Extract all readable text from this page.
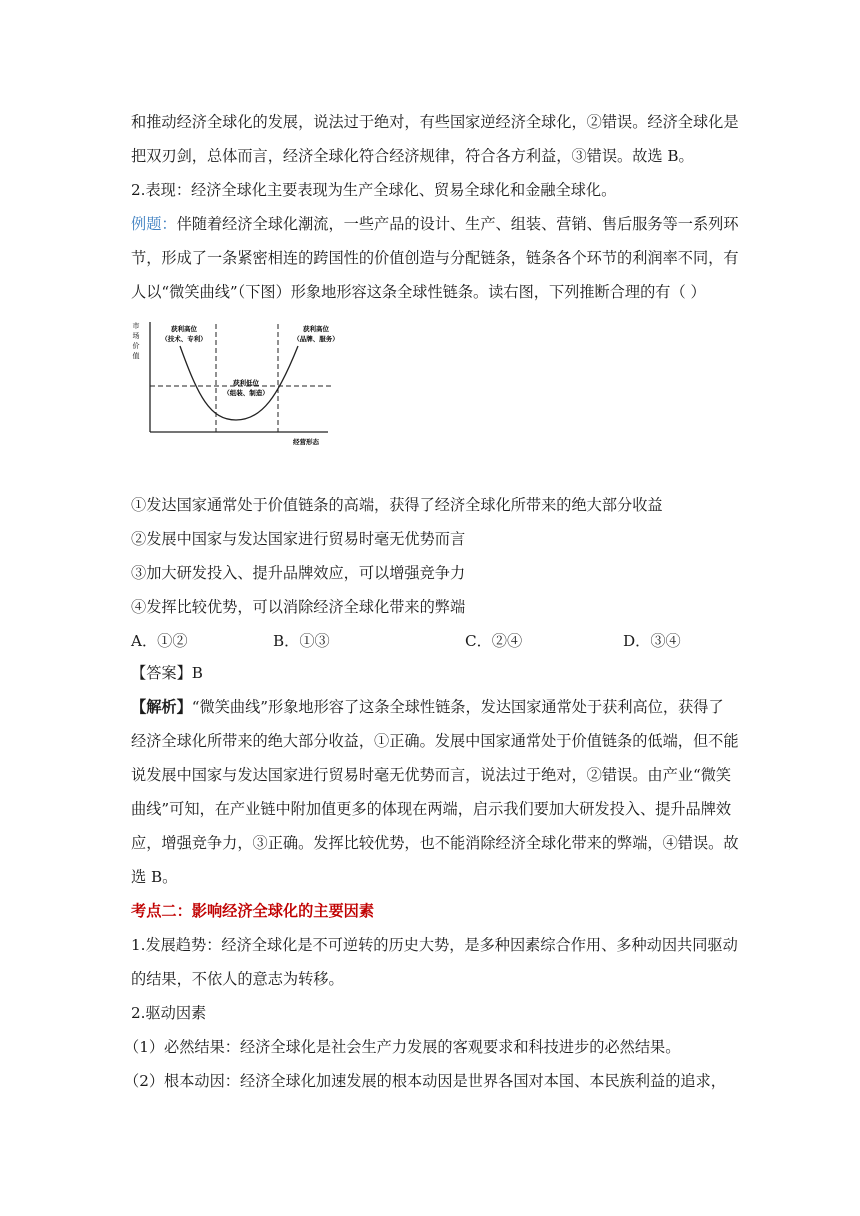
和推动经济全球化的发展，说法过于绝对，有些国家逆经济全球化，②错误。经济全球化是
把双刃剑，总体而言，经济全球化符合经济规律，符合各方利益，③错误。故选 B。
2.表现：经济全球化主要表现为生产全球化、贸易全球化和金融全球化。
例题：伴随着经济全球化潮流，一些产品的设计、生产、组装、营销、售后服务等一系列环
节，形成了一条紧密相连的跨国性的价值创造与分配链条，链条各个环节的利润率不同，有
人以“微笑曲线”（下图）形象地形容这条全球性链条。读右图，下列推断合理的有（ ）
市
场
价
值
获利高位
（技术、专利）
获利高位
（品牌、服务）
获利低位
（组装、制造）
经营形态
①发达国家通常处于价值链条的高端，获得了经济全球化所带来的绝大部分收益
②发展中国家与发达国家进行贸易时毫无优势而言
③加大研发投入、提升品牌效应，可以增强竞争力
④发挥比较优势，可以消除经济全球化带来的弊端
A．①②	B．①③	C．②④	D．③④
【答案】B
【解析】“微笑曲线”形象地形容了这条全球性链条，发达国家通常处于获利高位，获得了
经济全球化所带来的绝大部分收益，①正确。发展中国家通常处于价值链条的低端，但不能
说发展中国家与发达国家进行贸易时毫无优势而言，说法过于绝对，②错误。由产业“微笑
曲线”可知，在产业链中附加值更多的体现在两端，启示我们要加大研发投入、提升品牌效
应，增强竞争力，③正确。发挥比较优势，也不能消除经济全球化带来的弊端，④错误。故
选 B。
考点二：影响经济全球化的主要因素
1.发展趋势：经济全球化是不可逆转的历史大势，是多种因素综合作用、多种动因共同驱动
的结果，不依人的意志为转移。
2.驱动因素
（1）必然结果：经济全球化是社会生产力发展的客观要求和科技进步的必然结果。
（2）根本动因：经济全球化加速发展的根本动因是世界各国对本国、本民族利益的追求，
